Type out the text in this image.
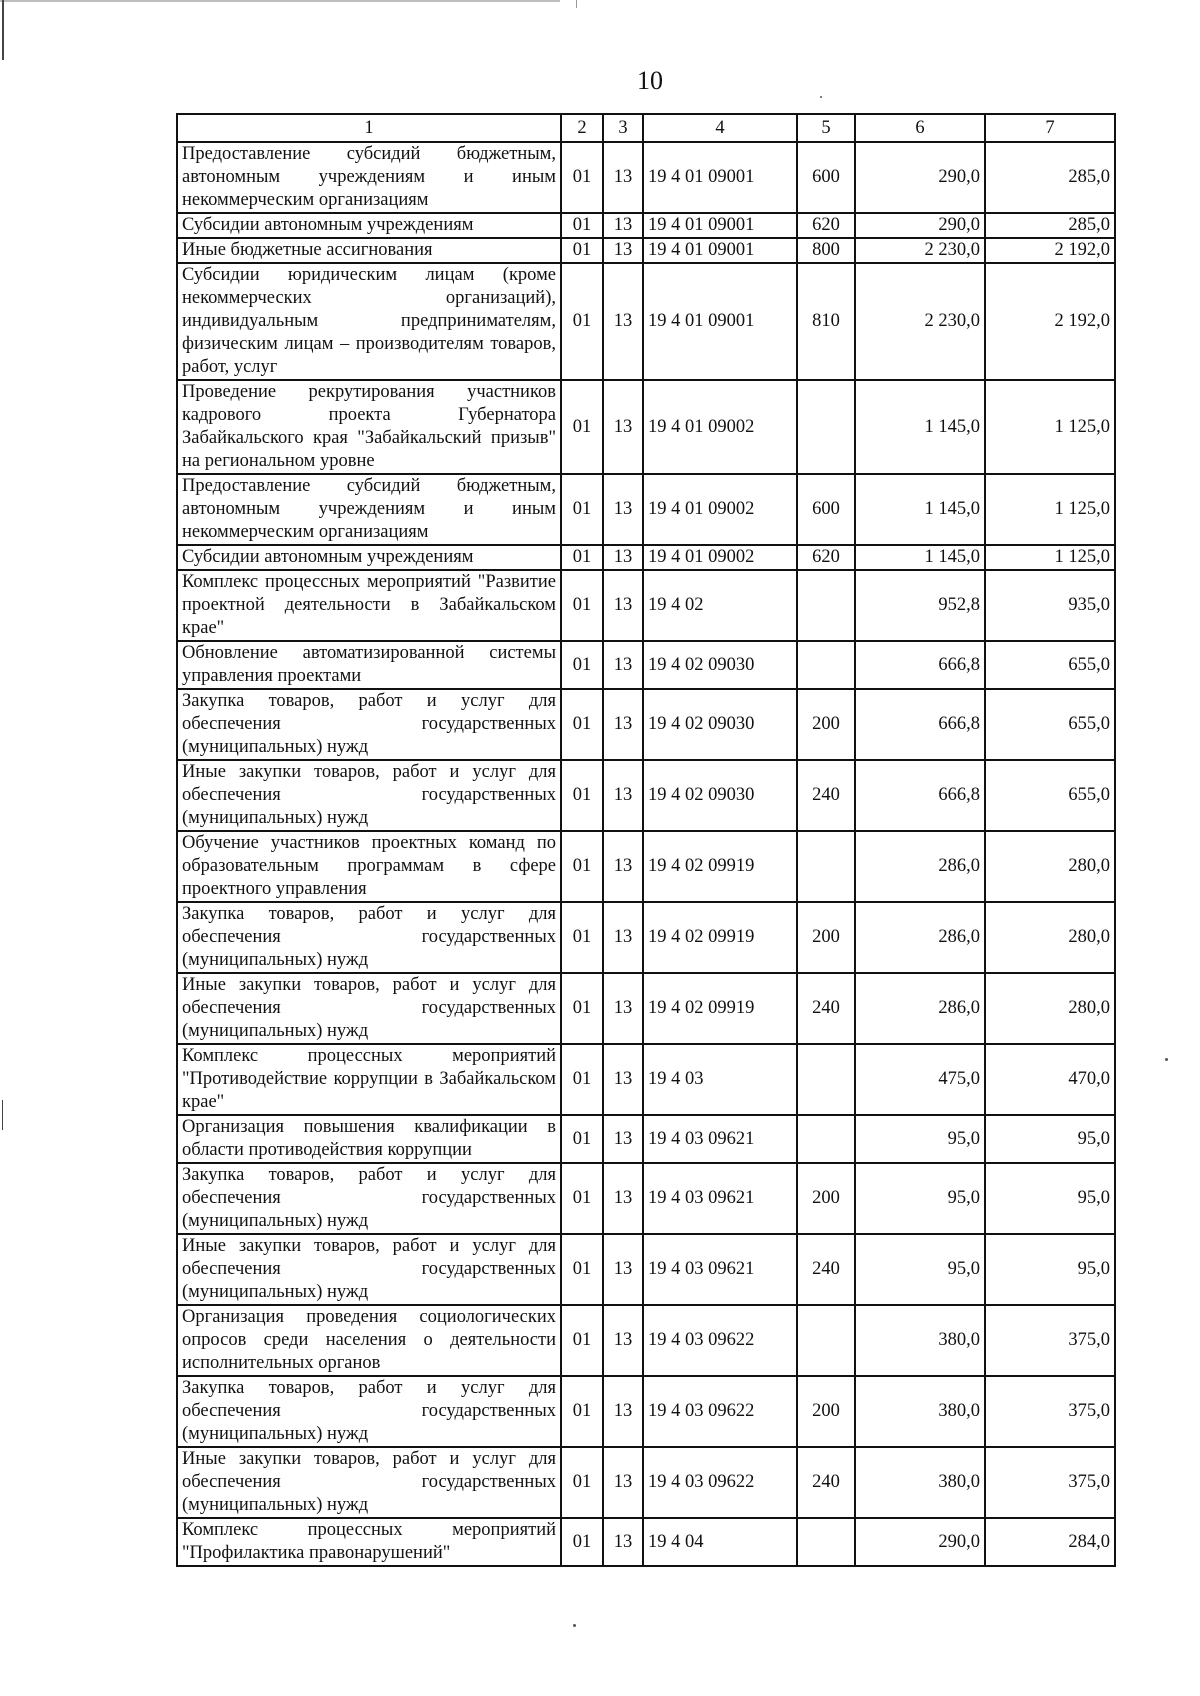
10
1	2	3	4	5	6	7
Предоставление субсидий бюджетным, автономным учреждениям и иным некоммерческим организациям	01	13	19 4 01 09001	600	290,0	285,0
Субсидии автономным учреждениям	01	13	19 4 01 09001	620	290,0	285,0
Иные бюджетные ассигнования	01	13	19 4 01 09001	800	2 230,0	2 192,0
Субсидии юридическим лицам (кроме некоммерческих организаций), индивидуальным предпринимателям, физическим лицам – производителям товаров, работ, услуг	01	13	19 4 01 09001	810	2 230,0	2 192,0
Проведение рекрутирования участников кадрового проекта Губернатора Забайкальского края "Забайкальский призыв" на региональном уровне	01	13	19 4 01 09002		1 145,0	1 125,0
Предоставление субсидий бюджетным, автономным учреждениям и иным некоммерческим организациям	01	13	19 4 01 09002	600	1 145,0	1 125,0
Субсидии автономным учреждениям	01	13	19 4 01 09002	620	1 145,0	1 125,0
Комплекс процессных мероприятий "Развитие проектной деятельности в Забайкальском крае"	01	13	19 4 02		952,8	935,0
Обновление автоматизированной системы управления проектами	01	13	19 4 02 09030		666,8	655,0
Закупка товаров, работ и услуг для обеспечения государственных (муниципальных) нужд	01	13	19 4 02 09030	200	666,8	655,0
Иные закупки товаров, работ и услуг для обеспечения государственных (муниципальных) нужд	01	13	19 4 02 09030	240	666,8	655,0
Обучение участников проектных команд по образовательным программам в сфере проектного управления	01	13	19 4 02 09919		286,0	280,0
Закупка товаров, работ и услуг для обеспечения государственных (муниципальных) нужд	01	13	19 4 02 09919	200	286,0	280,0
Иные закупки товаров, работ и услуг для обеспечения государственных (муниципальных) нужд	01	13	19 4 02 09919	240	286,0	280,0
Комплекс процессных мероприятий "Противодействие коррупции в Забайкальском крае"	01	13	19 4 03		475,0	470,0
Организация повышения квалификации в области противодействия коррупции	01	13	19 4 03 09621		95,0	95,0
Закупка товаров, работ и услуг для обеспечения государственных (муниципальных) нужд	01	13	19 4 03 09621	200	95,0	95,0
Иные закупки товаров, работ и услуг для обеспечения государственных (муниципальных) нужд	01	13	19 4 03 09621	240	95,0	95,0
Организация проведения социологических опросов среди населения о деятельности исполнительных органов	01	13	19 4 03 09622		380,0	375,0
Закупка товаров, работ и услуг для обеспечения государственных (муниципальных) нужд	01	13	19 4 03 09622	200	380,0	375,0
Иные закупки товаров, работ и услуг для обеспечения государственных (муниципальных) нужд	01	13	19 4 03 09622	240	380,0	375,0
Комплекс процессных мероприятий "Профилактика правонарушений"	01	13	19 4 04		290,0	284,0
